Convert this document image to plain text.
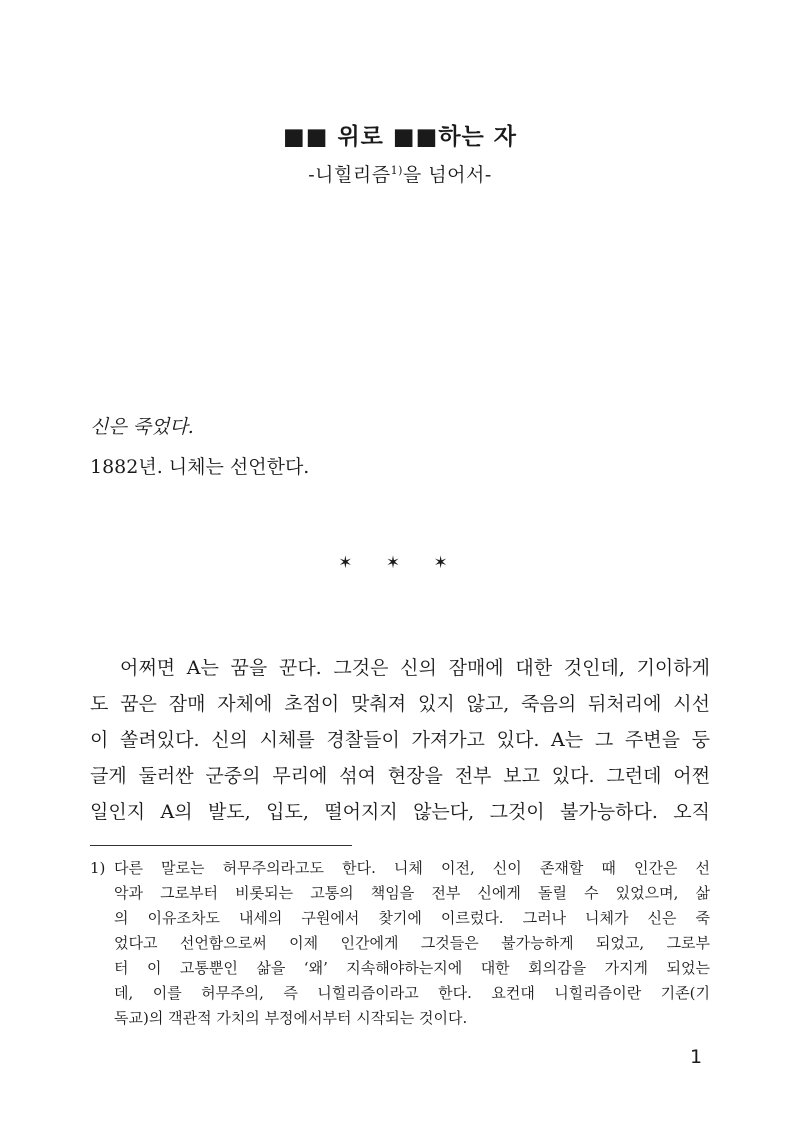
■■ 위로 ■■하는 자
-니힐리즘$^{1)}$을 넘어서-
신은 죽었다.
1882년. 니체는 선언한다.
✶ ✶ ✶
어쩌면 A는 꿈을 꾼다. 그것은 신의 잠매에 대한 것인데, 기이하게
도 꿈은 잠매 자체에 초점이 맞춰져 있지 않고, 죽음의 뒤처리에 시선
이 쏠려있다. 신의 시체를 경찰들이 가져가고 있다. A는 그 주변을 둥
글게 둘러싼 군중의 무리에 섞여 현장을 전부 보고 있다. 그런데 어쩐
일인지 A의 발도, 입도, 떨어지지 않는다, 그것이 불가능하다. 오직
1) 다른 말로는 허무주의라고도 한다. 니체 이전, 신이 존재할 때 인간은 선
악과 그로부터 비롯되는 고통의 책임을 전부 신에게 돌릴 수 있었으며, 삶
의 이유조차도 내세의 구원에서 찾기에 이르렀다. 그러나 니체가 신은 죽
었다고 선언함으로써 이제 인간에게 그것들은 불가능하게 되었고, 그로부
터 이 고통뿐인 삶을 ‘왜’ 지속해야하는지에 대한 회의감을 가지게 되었는
데, 이를 허무주의, 즉 니힐리즘이라고 한다. 요컨대 니힐리즘이란 기존(기
독교)의 객관적 가치의 부정에서부터 시작되는 것이다.
1
